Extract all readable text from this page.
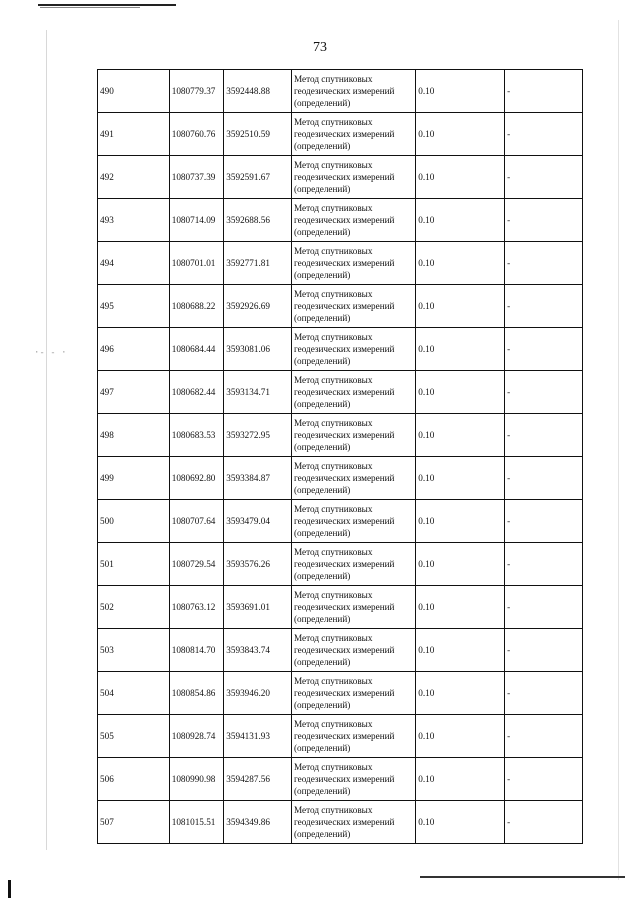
·- - ·
73
490	1080779.37	3592448.88	Метод спутниковых геодезических измерений (определений)	0.10	-
491	1080760.76	3592510.59	Метод спутниковых геодезических измерений (определений)	0.10	-
492	1080737.39	3592591.67	Метод спутниковых геодезических измерений (определений)	0.10	-
493	1080714.09	3592688.56	Метод спутниковых геодезических измерений (определений)	0.10	-
494	1080701.01	3592771.81	Метод спутниковых геодезических измерений (определений)	0.10	-
495	1080688.22	3592926.69	Метод спутниковых геодезических измерений (определений)	0.10	-
496	1080684.44	3593081.06	Метод спутниковых геодезических измерений (определений)	0.10	-
497	1080682.44	3593134.71	Метод спутниковых геодезических измерений (определений)	0.10	-
498	1080683.53	3593272.95	Метод спутниковых геодезических измерений (определений)	0.10	-
499	1080692.80	3593384.87	Метод спутниковых геодезических измерений (определений)	0.10	-
500	1080707.64	3593479.04	Метод спутниковых геодезических измерений (определений)	0.10	-
501	1080729.54	3593576.26	Метод спутниковых геодезических измерений (определений)	0.10	-
502	1080763.12	3593691.01	Метод спутниковых геодезических измерений (определений)	0.10	-
503	1080814.70	3593843.74	Метод спутниковых геодезических измерений (определений)	0.10	-
504	1080854.86	3593946.20	Метод спутниковых геодезических измерений (определений)	0.10	-
505	1080928.74	3594131.93	Метод спутниковых геодезических измерений (определений)	0.10	-
506	1080990.98	3594287.56	Метод спутниковых геодезических измерений (определений)	0.10	-
507	1081015.51	3594349.86	Метод спутниковых геодезических измерений (определений)	0.10	-
